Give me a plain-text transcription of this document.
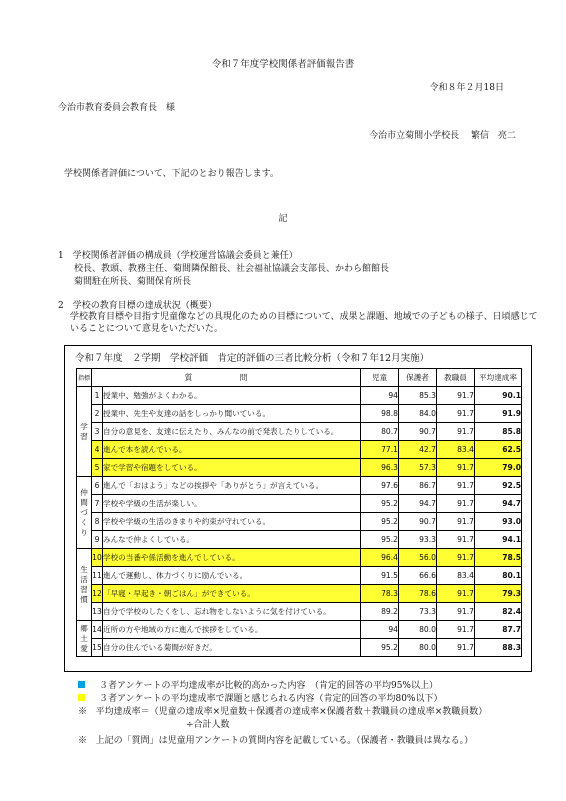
令和７年度学校関係者評価報告書
令和８年２月18日
今治市教育委員会教育長　様
今治市立菊間小学校長　 繁信　亮二
学校関係者評価について、下記のとおり報告します。
記
1　学校関係者評価の構成員（学校運営協議会委員と兼任）
校長、教頭、教務主任、菊間隣保館長、社会福祉協議会支部長、かわら館館長
菊間駐在所長、菊間保育所長
2　学校の教育目標の達成状況（概要）
学校教育目標や目指す児童像などの具現化のための目標について、成果と課題、地域での子どもの様子、日頃感じていることについて意見をいただいた。
令和７年度　２学期　学校評価　肯定的評価の三者比較分析（令和７年12月実施）
指標	質　問		児童	保護者	教職員	平均達成率
学
習	1	授業中、勉強がよくわかる。	94	85.3	91.7	90.1
	2	授業中、先生や友達の話をしっかり聞いている。	98.8	84.0	91.7	91.9
	3	自分の意見を、友達に伝えたり、みんなの前で発表したりしている。	80.7	90.7	91.7	85.8
	4	進んで本を読んでいる。	77.1	42.7	83.4	62.5
	5	家で学習や宿題をしている。	96.3	57.3	91.7	79.0
仲
間
づ
く
り	6	進んで「おはよう」などの挨拶や「ありがとう」が言えている。	97.6	86.7	91.7	92.5
	7	学校や学級の生活が楽しい。	95.2	94.7	91.7	94.7
	8	学校や学級の生活のきまりや約束が守れている。	95.2	90.7	91.7	93.0
	9	みんなで仲よくしている。	95.2	93.3	91.7	94.1
生
活
習
慣	10	学校の当番や係活動を進んでしている。	96.4	56.0	91.7	78.5
	11	進んで運動し、体力づくりに励んでいる。	91.5	66.6	83.4	80.1
	12	「早寝・早起き・朝ごはん」ができている。	78.3	78.6	91.7	79.3
	13	自分で学校のしたくをし、忘れ物をしないように気を付けている。	89.2	73.3	91.7	82.4
郷
土
愛	14	近所の方や地域の方に進んで挨拶をしている。	94	80.0	91.7	87.7
	15	自分の住んでいる菊間が好きだ。	95.2	80.0	91.7	88.3
３者アンケートの平均達成率が比較的高かった内容　（肯定的回答の平均95%以上）
３者アンケートの平均達成率で課題と感じられる内容（肯定的回答の平均80%以下）
※ 平均達成率＝（児童の達成率×児童数＋保護者の達成率×保護者数＋教職員の達成率×教職員数）
÷合計人数
※ 上記の「質問」は児童用アンケートの質問内容を記載している。（保護者・教職員は異なる。）
